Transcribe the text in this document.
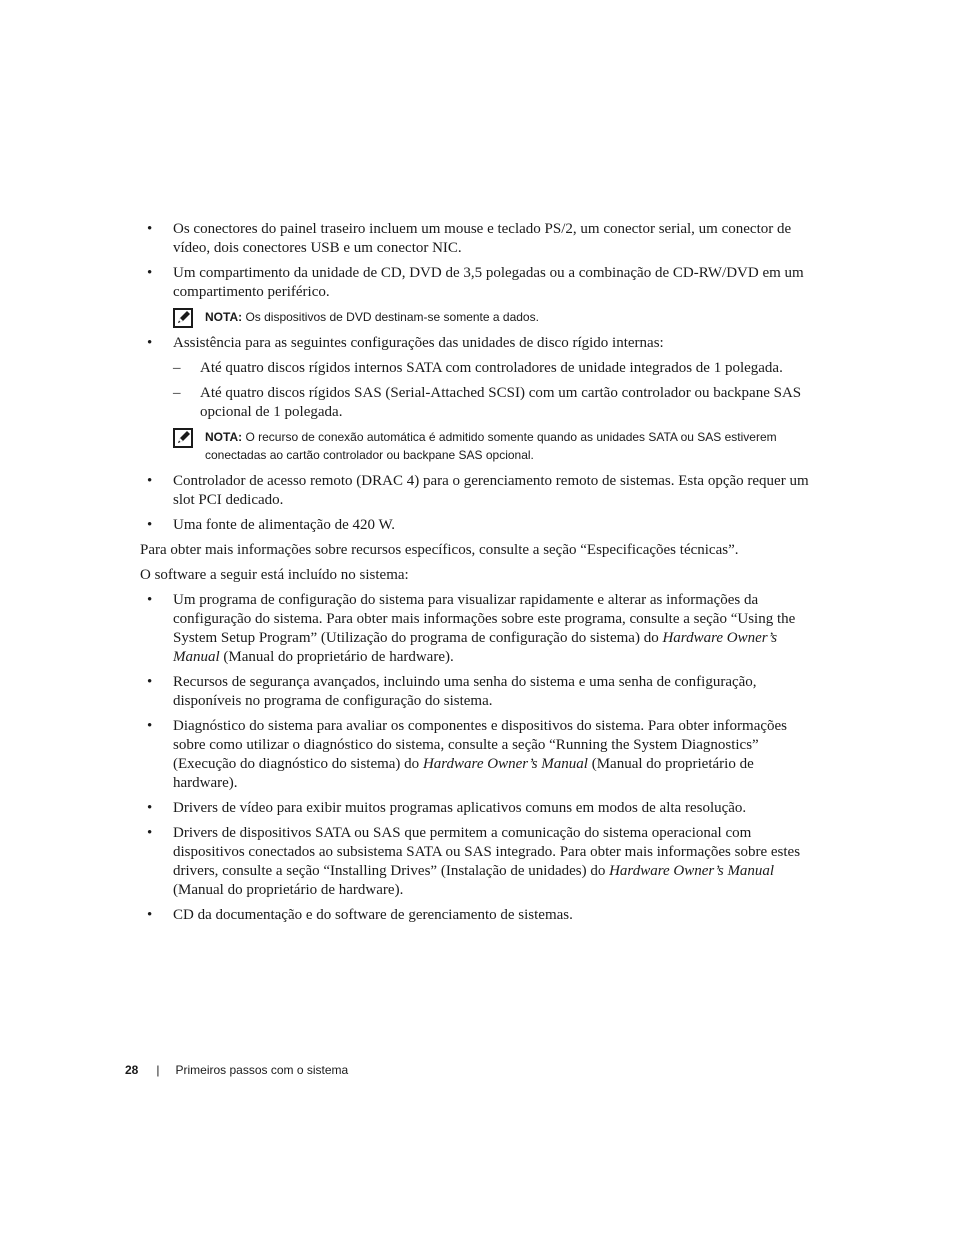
• Os conectores do painel traseiro incluem um mouse e teclado PS/2, um conector serial, um conector de vídeo, dois conectores USB e um conector NIC.
• Um compartimento da unidade de CD, DVD de 3,5 polegadas ou a combinação de CD-RW/DVD em um compartimento periférico.
NOTA: Os dispositivos de DVD destinam-se somente a dados.
• Assistência para as seguintes configurações das unidades de disco rígido internas:
– Até quatro discos rígidos internos SATA com controladores de unidade integrados de 1 polegada.
– Até quatro discos rígidos SAS (Serial-Attached SCSI) com um cartão controlador ou backpane SAS opcional de 1 polegada.
NOTA: O recurso de conexão automática é admitido somente quando as unidades SATA ou SAS estiverem conectadas ao cartão controlador ou backpane SAS opcional.
• Controlador de acesso remoto (DRAC 4) para o gerenciamento remoto de sistemas. Esta opção requer um slot PCI dedicado.
• Uma fonte de alimentação de 420 W.
Para obter mais informações sobre recursos específicos, consulte a seção “Especificações técnicas”.
O software a seguir está incluído no sistema:
• Um programa de configuração do sistema para visualizar rapidamente e alterar as informações da configuração do sistema. Para obter mais informações sobre este programa, consulte a seção “Using the System Setup Program” (Utilização do programa de configuração do sistema) do Hardware Owner’s Manual (Manual do proprietário de hardware).
• Recursos de segurança avançados, incluindo uma senha do sistema e uma senha de configuração, disponíveis no programa de configuração do sistema.
• Diagnóstico do sistema para avaliar os componentes e dispositivos do sistema. Para obter informações sobre como utilizar o diagnóstico do sistema, consulte a seção “Running the System Diagnostics” (Execução do diagnóstico do sistema) do Hardware Owner’s Manual (Manual do proprietário de hardware).
• Drivers de vídeo para exibir muitos programas aplicativos comuns em modos de alta resolução.
• Drivers de dispositivos SATA ou SAS que permitem a comunicação do sistema operacional com dispositivos conectados ao subsistema SATA ou SAS integrado. Para obter mais informações sobre estes drivers, consulte a seção “Installing Drives” (Instalação de unidades) do Hardware Owner’s Manual (Manual do proprietário de hardware).
• CD da documentação e do software de gerenciamento de sistemas.
28 | Primeiros passos com o sistema
